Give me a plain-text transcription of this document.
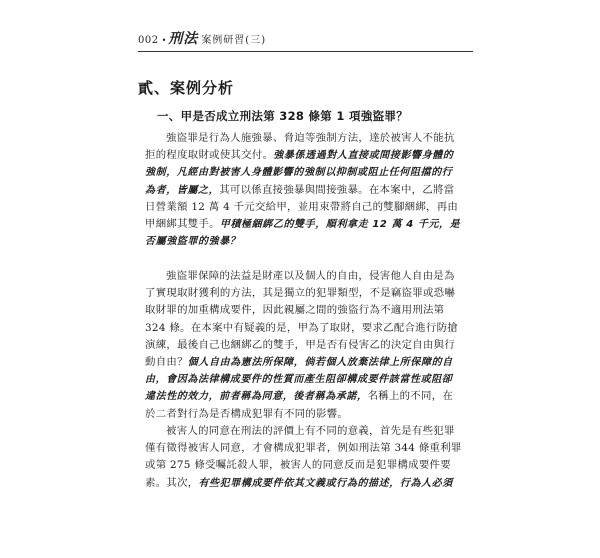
002 • 刑法 案例研習(三)
貳、案例分析
一、甲是否成立刑法第 328 條第 1 項強盜罪？
強盜罪是行為人施強暴、脅迫等強制方法，達於被害人不能抗
拒的程度取財或使其交付。強暴係透過對人直接或間接影響身體的
強制，凡經由對被害人身體影響的強制以抑制或阻止任何阻擋的行
為者，皆屬之，其可以係直接強暴與間接強暴。在本案中，乙將當
日營業額 12 萬 4 千元交給甲，並用束帶將自己的雙腳綑綁，再由
甲綑綁其雙手。甲積極綑綁乙的雙手，順利拿走 12 萬 4 千元，是
否屬強盜罪的強暴？
強盜罪保障的法益是財產以及個人的自由，侵害他人自由是為
了實現取財獲利的方法，其是獨立的犯罪類型，不是竊盜罪或恐嚇
取財罪的加重構成要件，因此親屬之間的強盜行為不適用刑法第
324 條。在本案中有疑義的是，甲為了取財，要求乙配合進行防搶
演練，最後自己也綑綁乙的雙手，甲是否有侵害乙的決定自由與行
動自由？個人自由為憲法所保障，倘若個人放棄法律上所保障的自
由，會因為法律構成要件的性質而產生阻卻構成要件該當性或阻卻
違法性的效力，前者稱為同意，後者稱為承諾，名稱上的不同，在
於二者對行為是否構成犯罪有不同的影響。
被害人的同意在刑法的評價上有不同的意義，首先是有些犯罪
僅有徵得被害人同意，才會構成犯罪者，例如刑法第 344 條重利罪
或第 275 條受囑託殺人罪，被害人的同意反而是犯罪構成要件要
素。其次，有些犯罪構成要件依其文義或行為的描述，行為人必須
